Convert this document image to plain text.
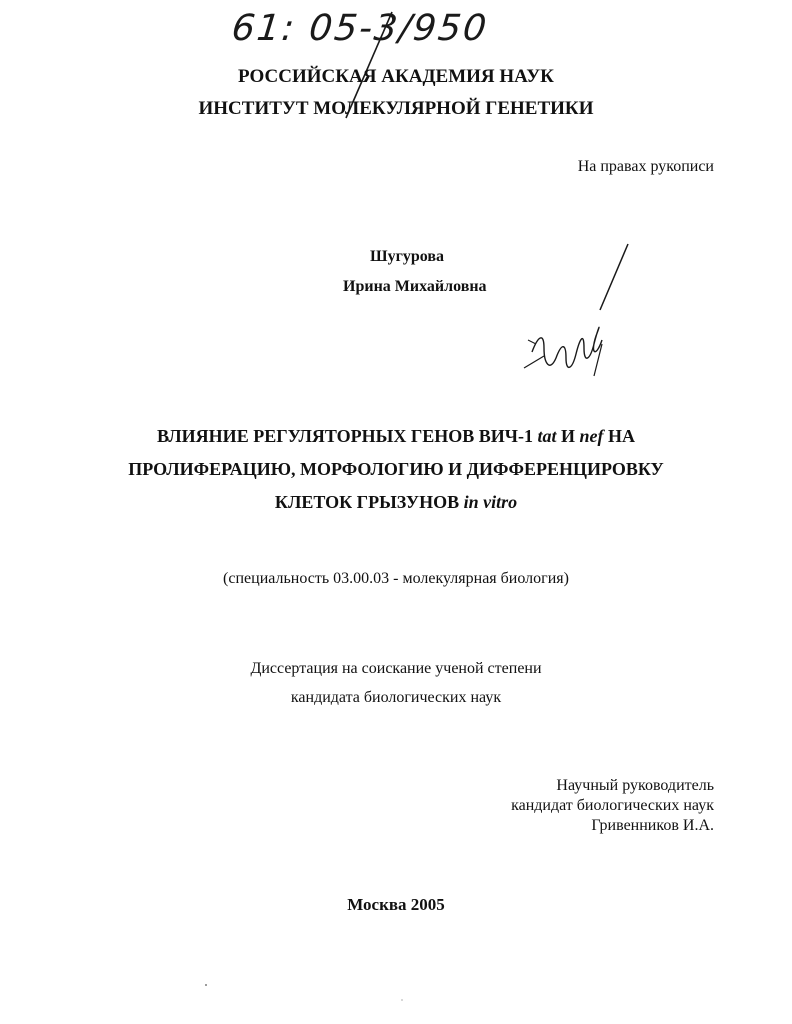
61: 05-3/950
РОССИЙСКАЯ АКАДЕМИЯ НАУК
ИНСТИТУТ МОЛЕКУЛЯРНОЙ ГЕНЕТИКИ
На правах рукописи
Шугурова
Ирина Михайловна
ВЛИЯНИЕ РЕГУЛЯТОРНЫХ ГЕНОВ ВИЧ-1 tat И nef НА
ПРОЛИФЕРАЦИЮ, МОРФОЛОГИЮ И ДИФФЕРЕНЦИРОВКУ
КЛЕТОК ГРЫЗУНОВ in vitro
(специальность 03.00.03 - молекулярная биология)
Диссертация на соискание ученой степени
кандидата биологических наук
Научный руководитель
кандидат биологических наук
Гривенников И.А.
Москва 2005
